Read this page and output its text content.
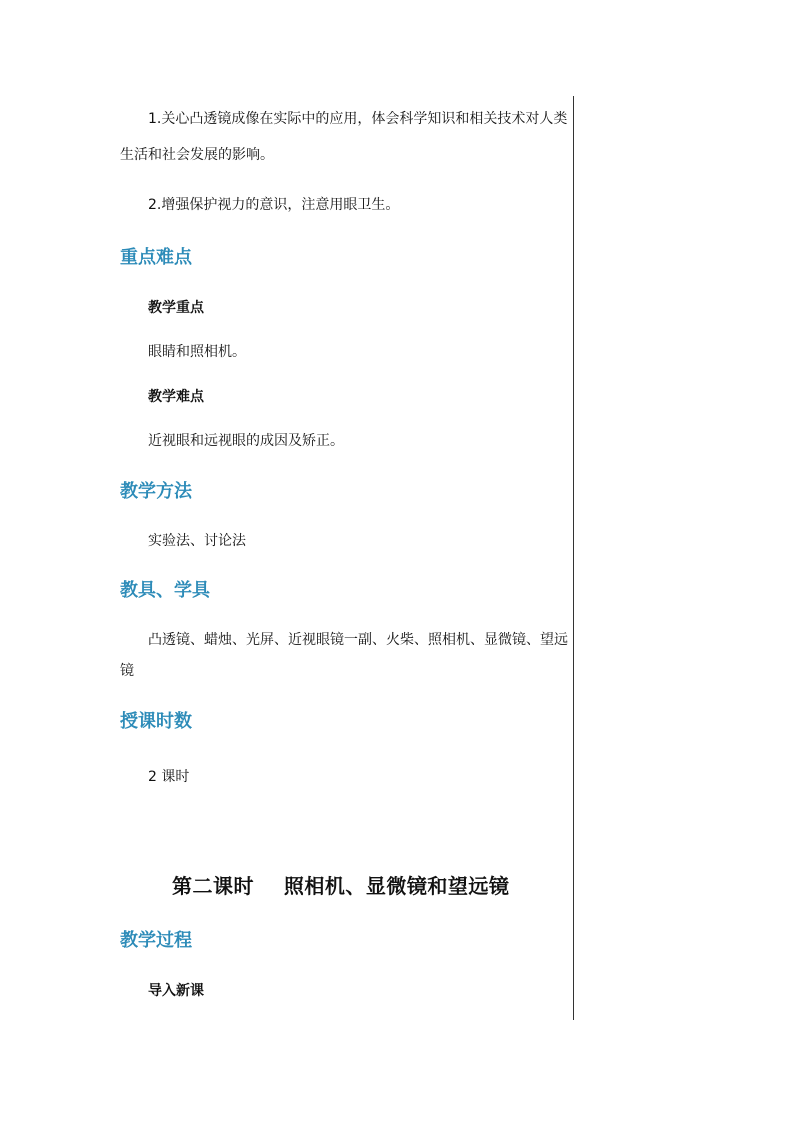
1.关心凸透镜成像在实际中的应用，体会科学知识和相关技术对人类
生活和社会发展的影响。
2.增强保护视力的意识，注意用眼卫生。
重点难点
教学重点
眼睛和照相机。
教学难点
近视眼和远视眼的成因及矫正。
教学方法
实验法、讨论法
教具、学具
凸透镜、蜡烛、光屏、近视眼镜一副、火柴、照相机、显微镜、望远
镜
授课时数
2 课时
第二课时    照相机、显微镜和望远镜
教学过程
导入新课
